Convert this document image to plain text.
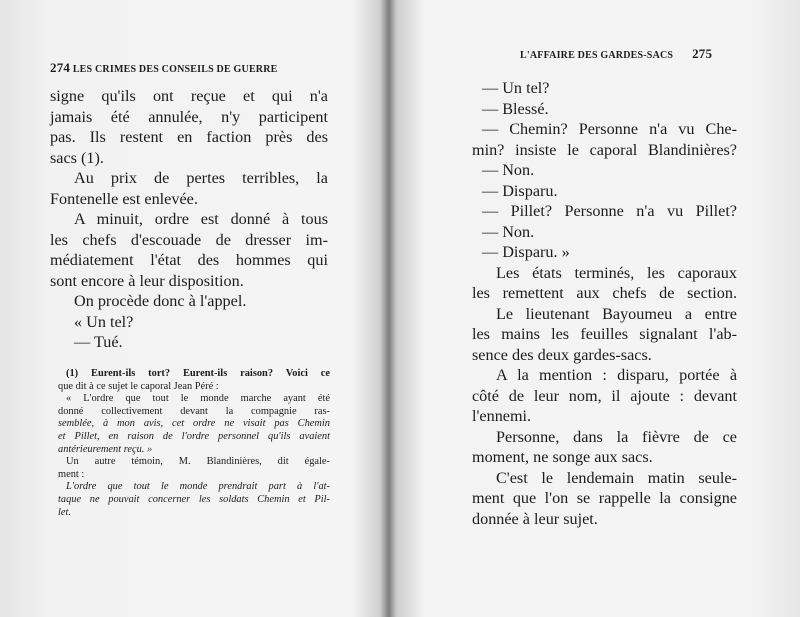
274 LES CRIMES DES CONSEILS DE GUERRE
signe qu'ils ont reçue et qui n'a
jamais été annulée, n'y participent
pas. Ils restent en faction près des
sacs (1).
Au prix de pertes terribles, la
Fontenelle est enlevée.
A minuit, ordre est donné à tous
les chefs d'escouade de dresser im-
médiatement l'état des hommes qui
sont encore à leur disposition.
On procède donc à l'appel.
« Un tel?
— Tué.
(1) Eurent-ils tort? Eurent-ils raison? Voici ce
que dit à ce sujet le caporal Jean Péré :
« L'ordre que tout le monde marche ayant été
donné collectivement devant la compagnie ras-
semblée, à mon avis, cet ordre ne visait pas Chemin
et Pillet, en raison de l'ordre personnel qu'ils avaient
antérieurement reçu. »
Un autre témoin, M. Blandinières, dit égale-
ment :
L'ordre que tout le monde prendrait part à l'at-
taque ne pouvait concerner les soldats Chemin et Pil-
let.
L'AFFAIRE DES GARDES-SACS 275
— Un tel?
— Blessé.
— Chemin? Personne n'a vu Che-
min? insiste le caporal Blandinières?
— Non.
— Disparu.
— Pillet? Personne n'a vu Pillet?
— Non.
— Disparu. »
Les états terminés, les caporaux
les remettent aux chefs de section.
Le lieutenant Bayoumeu a entre
les mains les feuilles signalant l'ab-
sence des deux gardes-sacs.
A la mention : disparu, portée à
côté de leur nom, il ajoute : devant
l'ennemi.
Personne, dans la fièvre de ce
moment, ne songe aux sacs.
C'est le lendemain matin seule-
ment que l'on se rappelle la consigne
donnée à leur sujet.
